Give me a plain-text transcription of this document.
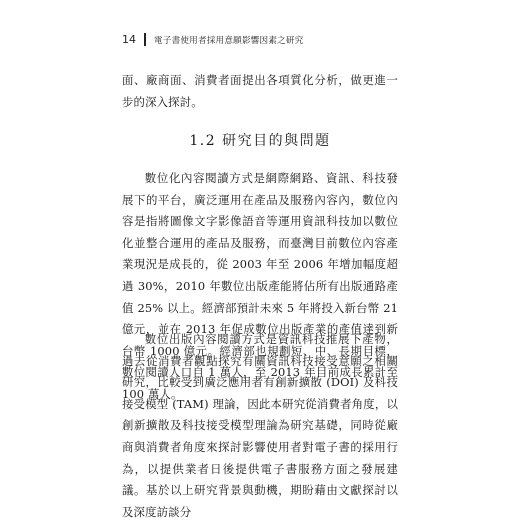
14	電子書使用者採用意願影響因素之研究

面、廠商面、消費者面提出各項質化分析，做更進一步的深入探討。

1.2 研究目的與問題

數位化內容閱讀方式是網際網路、資訊、科技發展下的平台，廣泛運用在產品及服務內容內，數位內容是指將圖像文字影像語音等運用資訊科技加以數位化並整合運用的產品及服務，而臺灣目前數位內容產業現況是成長的，從 2003 年至 2006 年增加幅度超過 30%，2010 年數位出版產能將佔所有出版通路產值 25% 以上。經濟部預計未來 5 年將投入新台幣 21 億元，並在 2013 年促成數位出版產業的產值達到新台幣 1000 億元。經濟部也規劃短、中、長期目標，數位閱讀人口自 1 萬人，至 2013 年目前成長累計至 100 萬人。

數位出版內容閱讀方式是資訊科技推展下產物，過去從消費者觀點探究有關資訊科技接受意願之相關研究，比較受到廣泛應用者有創新擴散 (DOI) 及科技接受模型 (TAM) 理論，因此本研究從消費者角度，以創新擴散及科技接受模型理論為研究基礎，同時從廠商與消費者角度來探討影響使用者對電子書的採用行為，以提供業者日後提供電子書服務方面之發展建議。基於以上研究背景與動機，期盼藉由文獻探討以及深度訪談分
